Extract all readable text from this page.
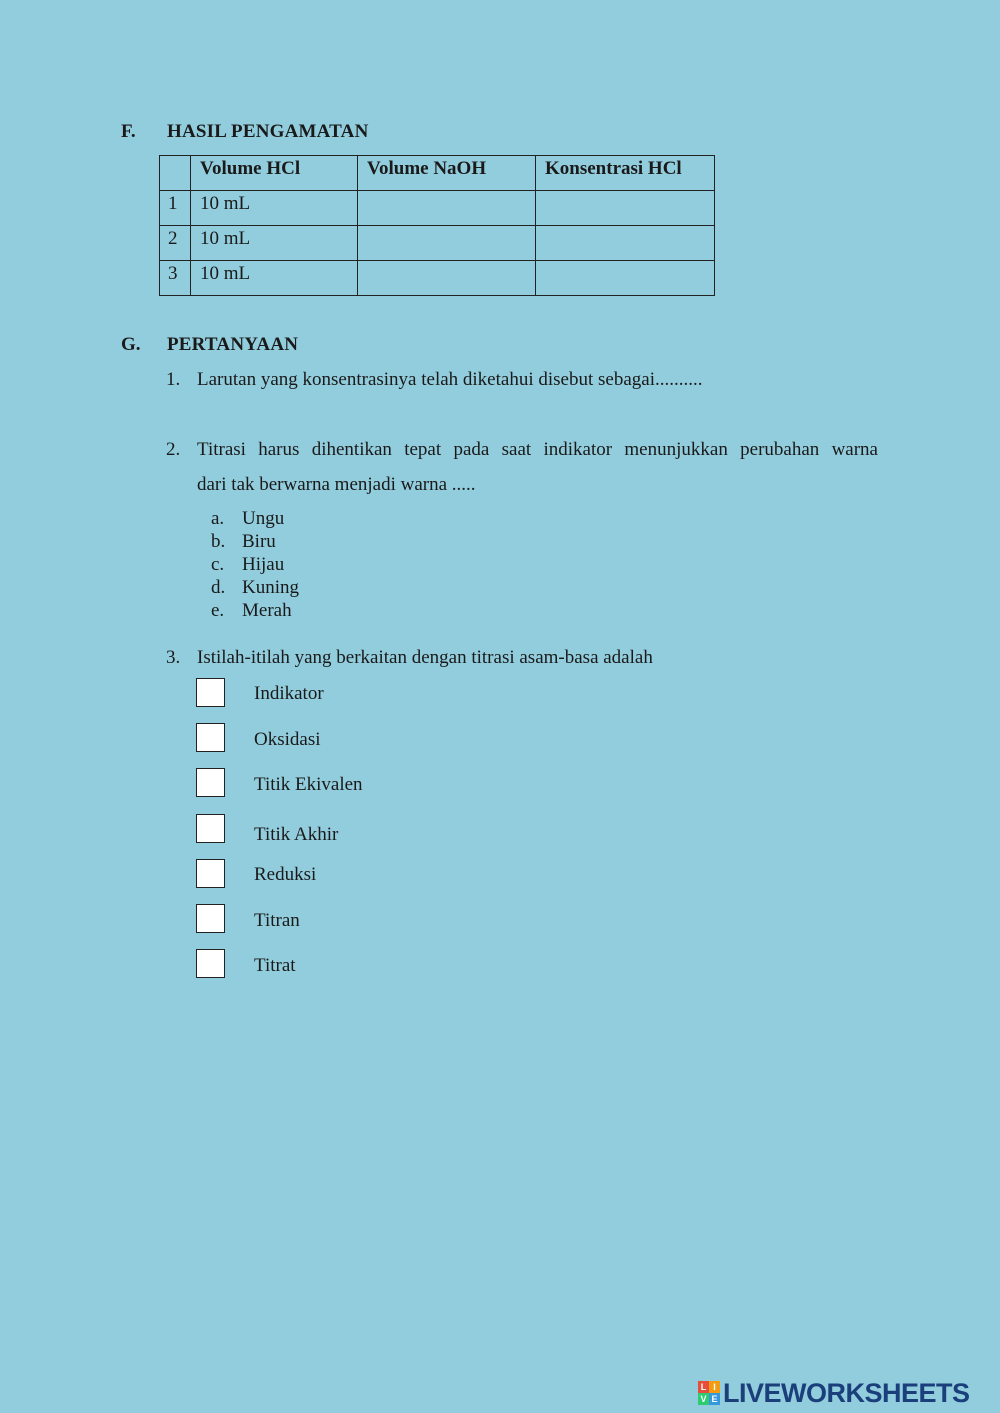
F. HASIL PENGAMATAN
	Volume HCl	Volume NaOH	Konsentrasi HCl
1	10 mL		
2	10 mL		
3	10 mL		
G. PERTANYAAN
1. Larutan yang konsentrasinya telah diketahui disebut sebagai..........
2. Titrasi harus dihentikan tepat pada saat indikator menunjukkan perubahan warna
dari tak berwarna menjadi warna .....
a. Ungu
b. Biru
c. Hijau
d. Kuning
e. Merah
3. Istilah-itilah yang berkaitan dengan titrasi asam-basa adalah
Indikator
Oksidasi
Titik Ekivalen
Titik Akhir
Reduksi
Titran
Titrat
L I
V E LIVEWORKSHEETS
